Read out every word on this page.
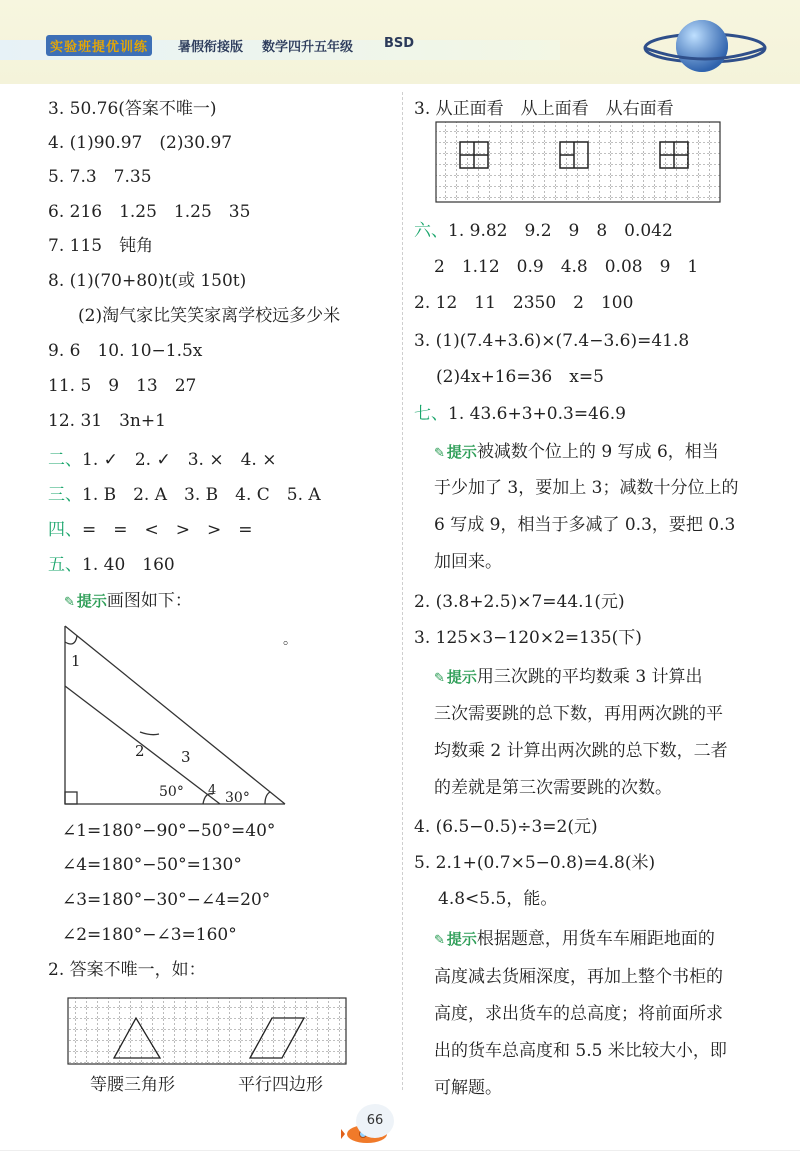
实验班提优训练	暑假衔接版 数学四升五年级 BSD
3. 50.76(答案不唯一)
4. (1)90.97　(2)30.97
5. 7.3　7.35
6. 216　1.25　1.25　35
7. 115　钝角
8. (1)(70+80)t(或 150t)
(2)淘气家比笑笑家离学校远多少米
9. 6　10. 10−1.5x
11. 5　9　13　27
12. 31　3n+1
二、1. ✓　2. ✓　3. ×　4. ×
三、1. B　2. A　3. B　4. C　5. A
四、=　=　<　>　>　=
五、1. 40　160
✎ 提示画图如下：
1
2 3
4
50°	30°
。
∠1=180°−90°−50°=40°
∠4=180°−50°=130°
∠3=180°−30°−∠4=20°
∠2=180°−∠3=160°
2. 答案不唯一，如：
等腰三角形	平行四边形
3. 从正面看　从上面看　从右面看
六、1. 9.82　9.2　9　8　0.042
2　1.12　0.9　4.8　0.08　9　1
2. 12　11　2350　2　100
3. (1)(7.4+3.6)×(7.4−3.6)=41.8
(2)4x+16=36　x=5
七、1. 43.6+3+0.3=46.9
✎ 提示被减数个位上的 9 写成 6，相当
于少加了 3，要加上 3；减数十分位上的
6 写成 9，相当于多减了 0.3，要把 0.3
加回来。
2. (3.8+2.5)×7=44.1(元)
3. 125×3−120×2=135(下)
✎ 提示用三次跳的平均数乘 3 计算出
三次需要跳的总下数，再用两次跳的平
均数乘 2 计算出两次跳的总下数，二者
的差就是第三次需要跳的次数。
4. (6.5−0.5)÷3=2(元)
5. 2.1+(0.7×5−0.8)=4.8(米)
4.8<5.5，能。
✎ 提示根据题意，用货车车厢距地面的
高度减去货厢深度，再加上整个书柜的
高度，求出货车的总高度；将前面所求
出的货车总高度和 5.5 米比较大小，即
可解题。
66
